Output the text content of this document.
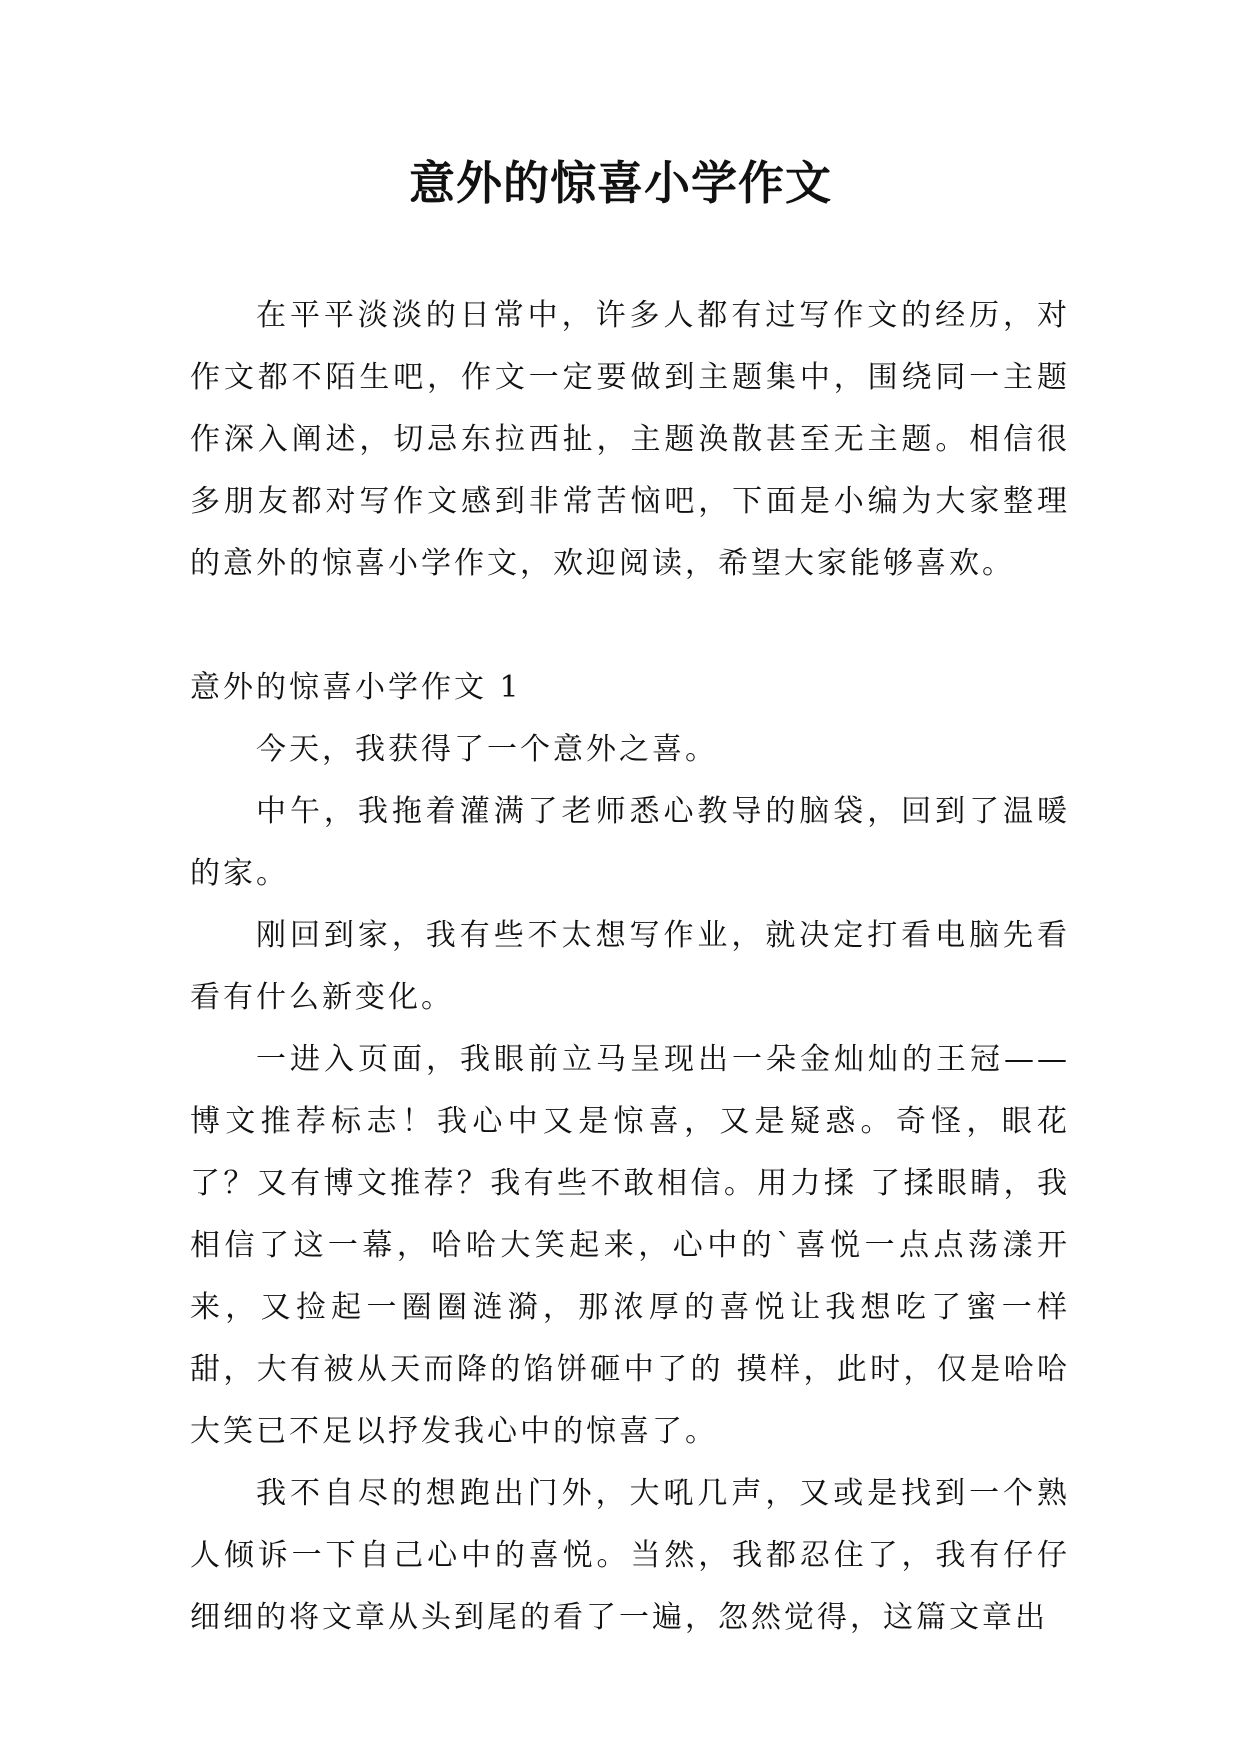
意外的惊喜小学作文

在平平淡淡的日常中，许多人都有过写作文的经历，对作文都不陌生吧，作文一定要做到主题集中，围绕同一主题作深入阐述，切忌东拉西扯，主题涣散甚至无主题。相信很多朋友都对写作文感到非常苦恼吧，下面是小编为大家整理的意外的惊喜小学作文，欢迎阅读，希望大家能够喜欢。

意外的惊喜小学作文 1

今天，我获得了一个意外之喜。

中午，我拖着灌满了老师悉心教导的脑袋，回到了温暖的家。

刚回到家，我有些不太想写作业，就决定打看电脑先看看有什么新变化。

一进入页面，我眼前立马呈现出一朵金灿灿的王冠——博文推荐标志！我心中又是惊喜，又是疑惑。奇怪，眼花了？又有博文推荐？我有些不敢相信。用力揉 了揉眼睛，我相信了这一幕，哈哈大笑起来，心中的`喜悦一点点荡漾开来，又捡起一圈圈涟漪，那浓厚的喜悦让我想吃了蜜一样甜，大有被从天而降的馅饼砸中了的 摸样，此时，仅是哈哈大笑已不足以抒发我心中的惊喜了。

我不自尽的想跑出门外，大吼几声，又或是找到一个熟人倾诉一下自己心中的喜悦。当然，我都忍住了，我有仔仔细细的将文章从头到尾的看了一遍，忽然觉得，这篇文章出
